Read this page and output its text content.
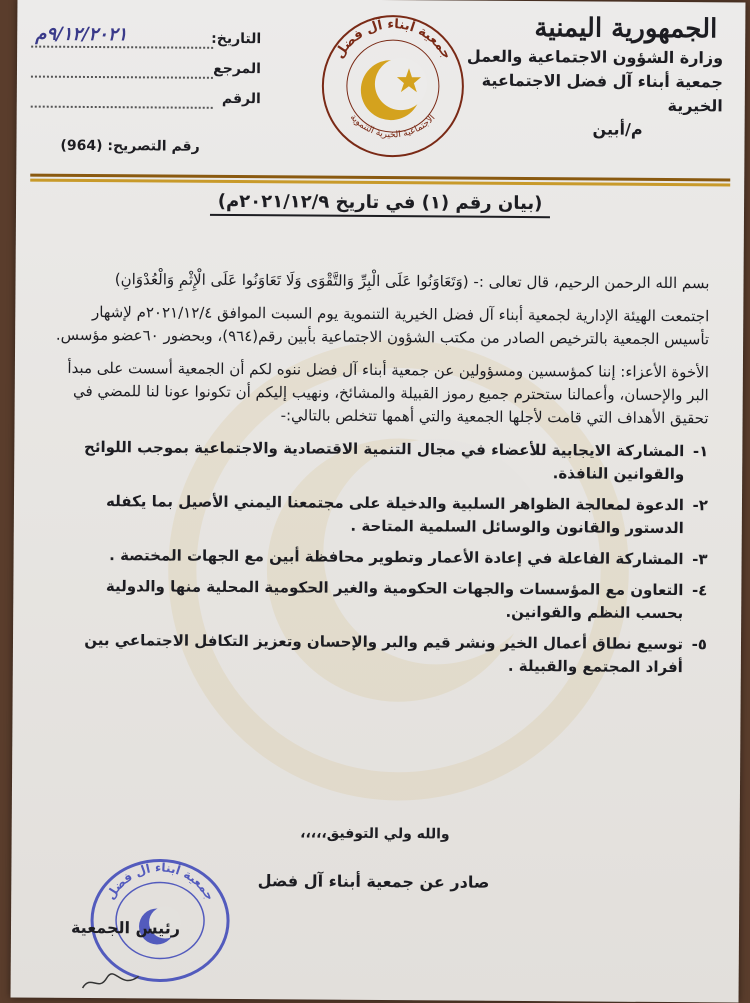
الجمهورية اليمنية
وزارة الشؤون الاجتماعية والعمل
جمعية أبناء آل فضل الاجتماعية الخيرية
م/أبين
جمعية أبناء آل فضل
الاجتماعية الخيرية التنموية
التاريخ:
٩/١٢/٢٠٢١م
المرجع
الرقم
رقم التصريح: (964)
(بيان رقم (١) في تاريخ ٢٠٢١/١٢/٩م)

بسم الله الرحمن الرحيم، قال تعالى :- (وَتَعَاوَنُوا عَلَى الْبِرِّ وَالتَّقْوَى وَلَا تَعَاوَنُوا عَلَى الْإِثْمِ وَالْعُدْوَانِ)

اجتمعت الهيئة الإدارية لجمعية أبناء آل فضل الخيرية التنموية يوم السبت الموافق ٢٠٢١/١٢/٤م لإشهار تأسيس الجمعية بالترخيص الصادر من مكتب الشؤون الاجتماعية بأبين رقم(٩٦٤)، وبحضور ٦٠عضو مؤسس.

الأخوة الأعزاء: إننا كمؤسسين ومسؤولين عن جمعية أبناء آل فضل ننوه لكم أن الجمعية أسست على مبدأ البر والإحسان، وأعمالنا ستحترم جميع رموز القبيلة والمشائخ، ونهيب إليكم أن تكونوا عونا لنا للمضي في تحقيق الأهداف التي قامت لأجلها الجمعية والتي أهمها تتخلص بالتالي:-

١-
المشاركة الايجابية للأعضاء في مجال التنمية الاقتصادية والاجتماعية بموجب اللوائح والقوانين النافذة.
٢-
الدعوة لمعالجة الظواهر السلبية والدخيلة على مجتمعنا اليمني الأصيل بما يكفله الدستور والقانون والوسائل السلمية المتاحة .
٣-
المشاركة الفاعلة في إعادة الأعمار وتطوير محافظة أبين مع الجهات المختصة .
٤-
التعاون مع المؤسسات والجهات الحكومية والغير الحكومية المحلية منها والدولية بحسب النظم والقوانين.
٥-
توسيع نطاق أعمال الخير ونشر قيم والبر والإحسان وتعزيز التكافل الاجتماعي بين أفراد المجتمع والقبيلة .
والله ولي التوفيق،،،،،
صادر عن جمعية أبناء آل فضل
جمعية أبناء آل فضل
رئيس الجمعية
